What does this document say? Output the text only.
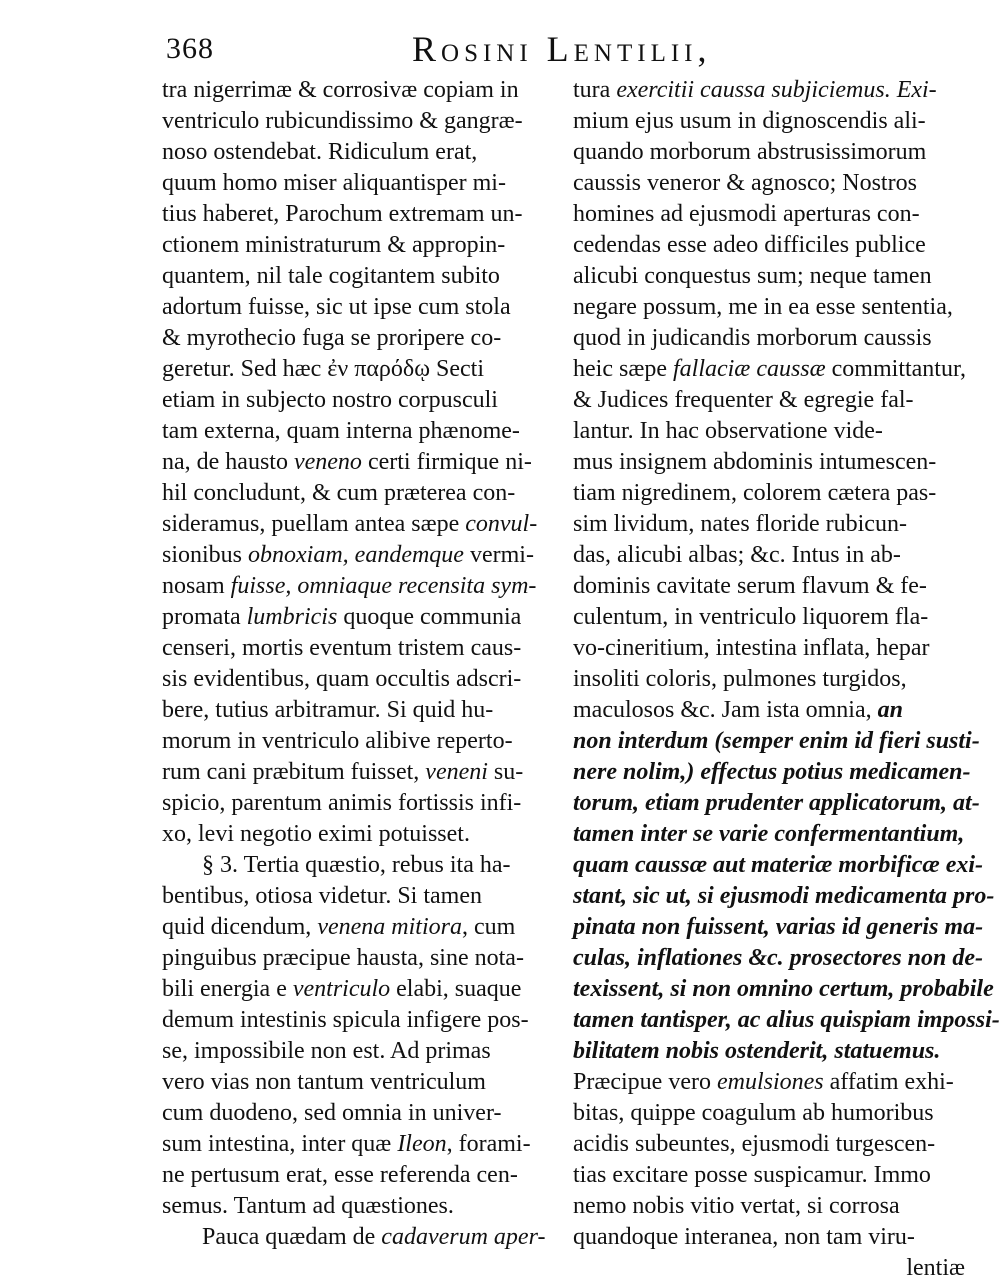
368	Rosini Lentilii,
tra nigerrimæ & corrosivæ copiam in
ventriculo rubicundissimo & gangræ-
noso ostendebat. Ridiculum erat,
quum homo miser aliquantisper mi-
tius haberet, Parochum extremam un-
ctionem ministraturum & appropin-
quantem, nil tale cogitantem subito
adortum fuisse, sic ut ipse cum stola
& myrothecio fuga se proripere co-
geretur. Sed hæc ἐν παρόδῳ Secti
etiam in subjecto nostro corpusculi
tam externa, quam interna phænome-
na, de hausto veneno certi firmique ni-
hil concludunt, & cum præterea con-
sideramus, puellam antea sæpe convul-
sionibus obnoxiam, eandemque vermi-
nosam fuisse, omniaque recensita sym-
promata lumbricis quoque communia
censeri, mortis eventum tristem caus-
sis evidentibus, quam occultis adscri-
bere, tutius arbitramur. Si quid hu-
morum in ventriculo alibive reperto-
rum cani præbitum fuisset, veneni su-
spicio, parentum animis fortissis infi-
xo, levi negotio eximi potuisset.
§ 3. Tertia quæstio, rebus ita ha-
bentibus, otiosa videtur. Si tamen
quid dicendum, venena mitiora, cum
pinguibus præcipue hausta, sine nota-
bili energia e ventriculo elabi, suaque
demum intestinis spicula infigere pos-
se, impossibile non est. Ad primas
vero vias non tantum ventriculum
cum duodeno, sed omnia in univer-
sum intestina, inter quæ Ileon, forami-
ne pertusum erat, esse referenda cen-
semus. Tantum ad quæstiones.
Pauca quædam de cadaverum aper-
tura exercitii caussa subjiciemus. Exi-
mium ejus usum in dignoscendis ali-
quando morborum abstrusissimorum
caussis veneror & agnosco; Nostros
homines ad ejusmodi aperturas con-
cedendas esse adeo difficiles publice
alicubi conquestus sum; neque tamen
negare possum, me in ea esse sententia,
quod in judicandis morborum caussis
heic sæpe fallaciæ caussæ committantur,
& Judices frequenter & egregie fal-
lantur. In hac observatione vide-
mus insignem abdominis intumescen-
tiam nigredinem, colorem cætera pas-
sim lividum, nates floride rubicun-
das, alicubi albas; &c. Intus in ab-
dominis cavitate serum flavum & fe-
culentum, in ventriculo liquorem fla-
vo-cineritium, intestina inflata, hepar
insoliti coloris, pulmones turgidos,
maculosos &c. Jam ista omnia, an
non interdum (semper enim id fieri susti-
nere nolim,) effectus potius medicamen-
torum, etiam prudenter applicatorum, at-
tamen inter se varie confermentantium,
quam caussæ aut materiæ morbificæ exi-
stant, sic ut, si ejusmodi medicamenta pro-
pinata non fuissent, varias id generis ma-
culas, inflationes &c. prosectores non de-
texissent, si non omnino certum, probabile
tamen tantisper, ac alius quispiam impossi-
bilitatem nobis ostenderit, statuemus.
Præcipue vero emulsiones affatim exhi-
bitas, quippe coagulum ab humoribus
acidis subeuntes, ejusmodi turgescen-
tias excitare posse suspicamur. Immo
nemo nobis vitio vertat, si corrosa
quandoque interanea, non tam viru-
lentiæ
